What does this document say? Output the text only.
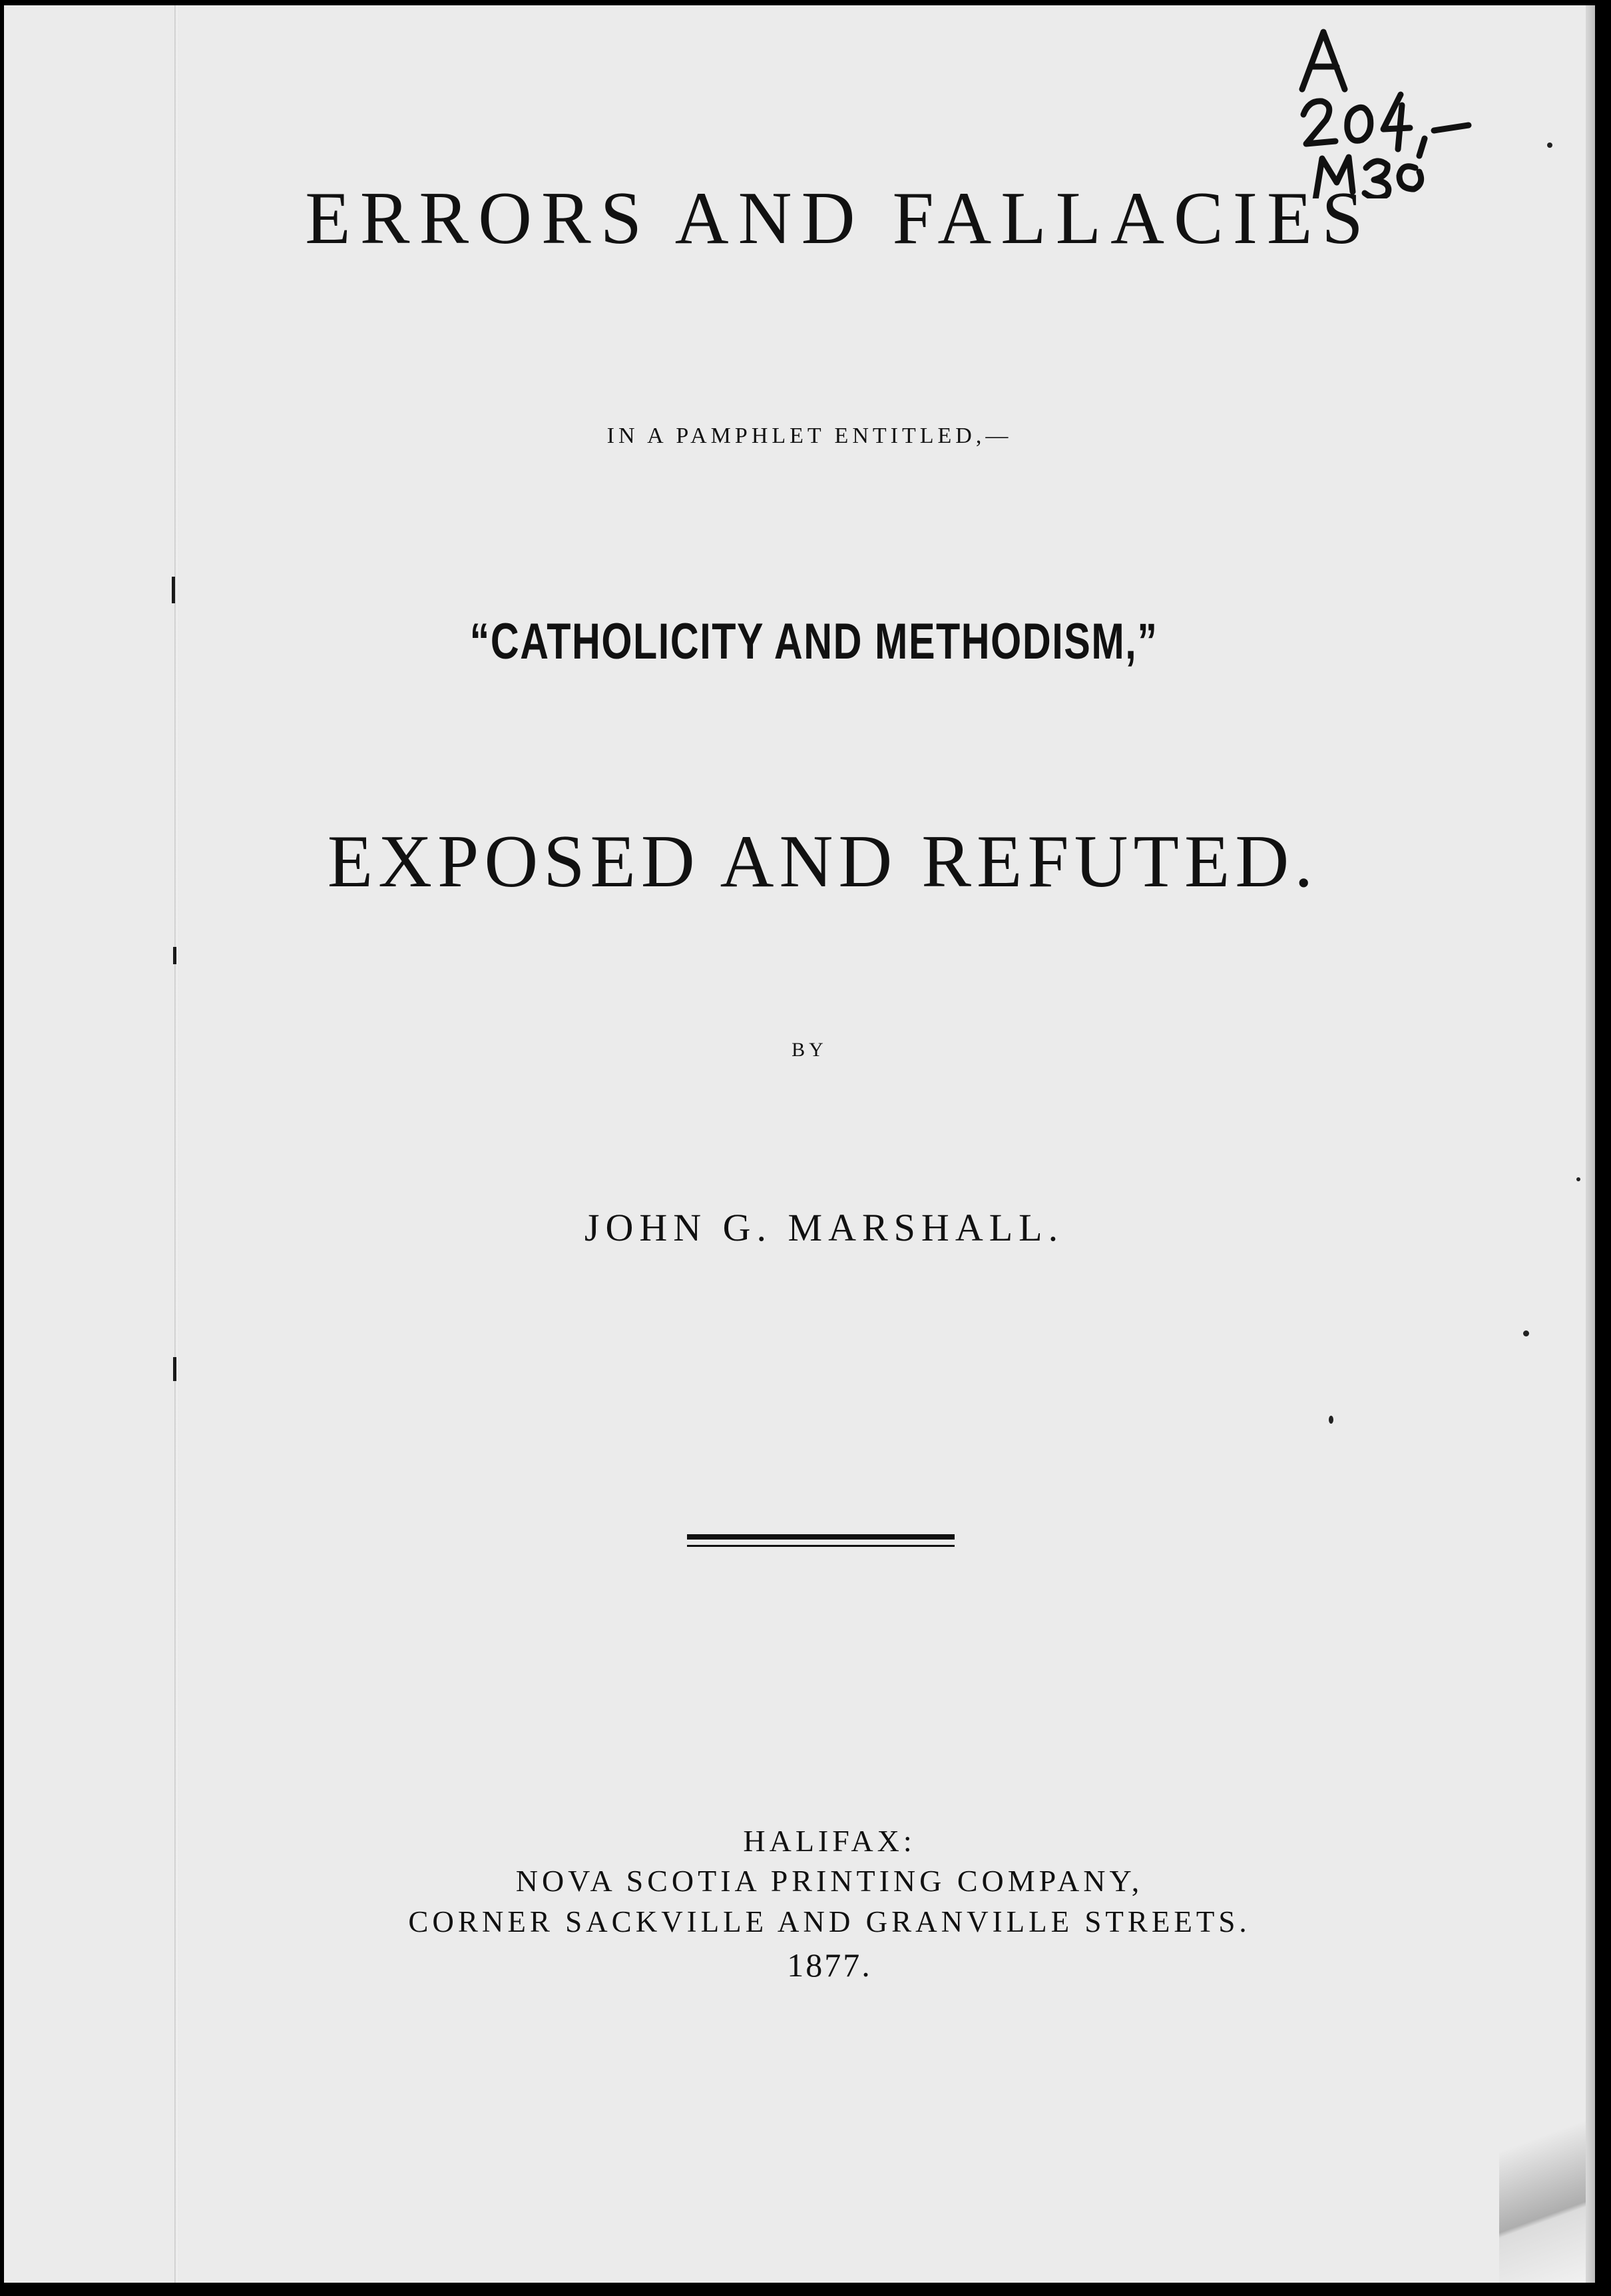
ERRORS AND FALLACIES
IN A PAMPHLET ENTITLED,—
“CATHOLICITY AND METHODISM,”
EXPOSED AND REFUTED.
BY
JOHN G. MARSHALL.
HALIFAX:
NOVA SCOTIA PRINTING COMPANY,
CORNER SACKVILLE AND GRANVILLE STREETS.
1877.
